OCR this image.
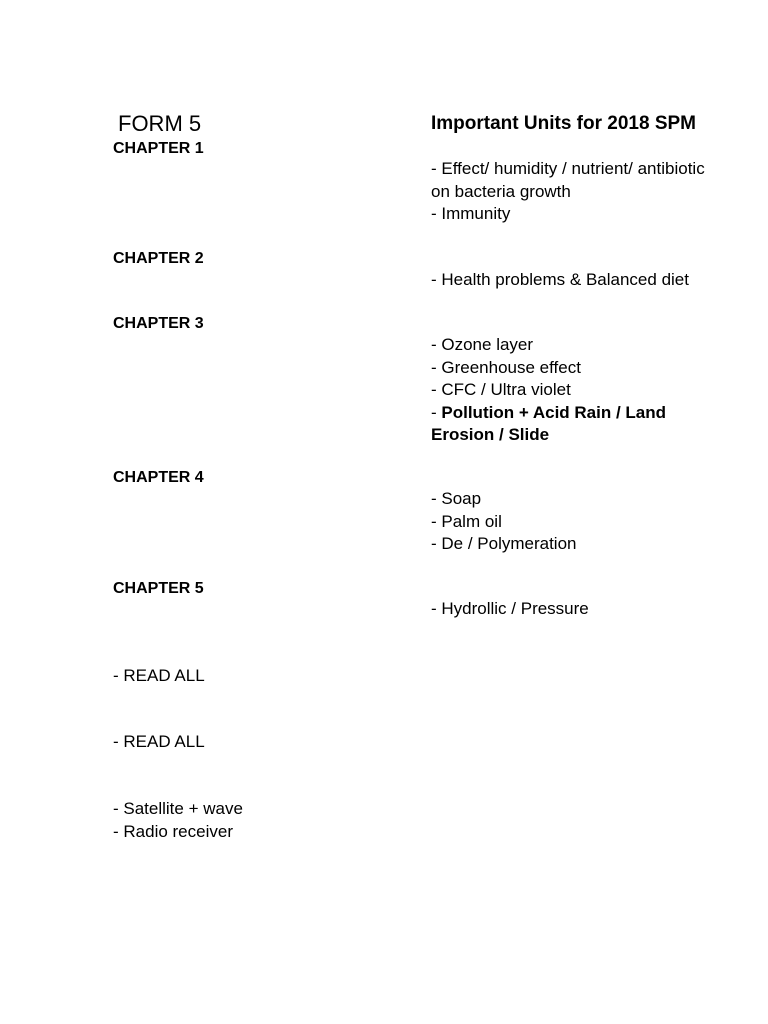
FORM 5	Important Units for 2018 SPM
CHAPTER 1
- Effect/ humidity / nutrient/ antibiotic
on bacteria growth
- Immunity
CHAPTER 2
- Health problems & Balanced diet
CHAPTER 3
- Ozone layer
- Greenhouse effect
- CFC / Ultra violet
- Pollution + Acid Rain / Land
Erosion / Slide
CHAPTER 4
- Soap
- Palm oil
- De / Polymeration
CHAPTER 5
- Hydrollic / Pressure
- READ ALL
- READ ALL
- Satellite + wave
- Radio receiver
